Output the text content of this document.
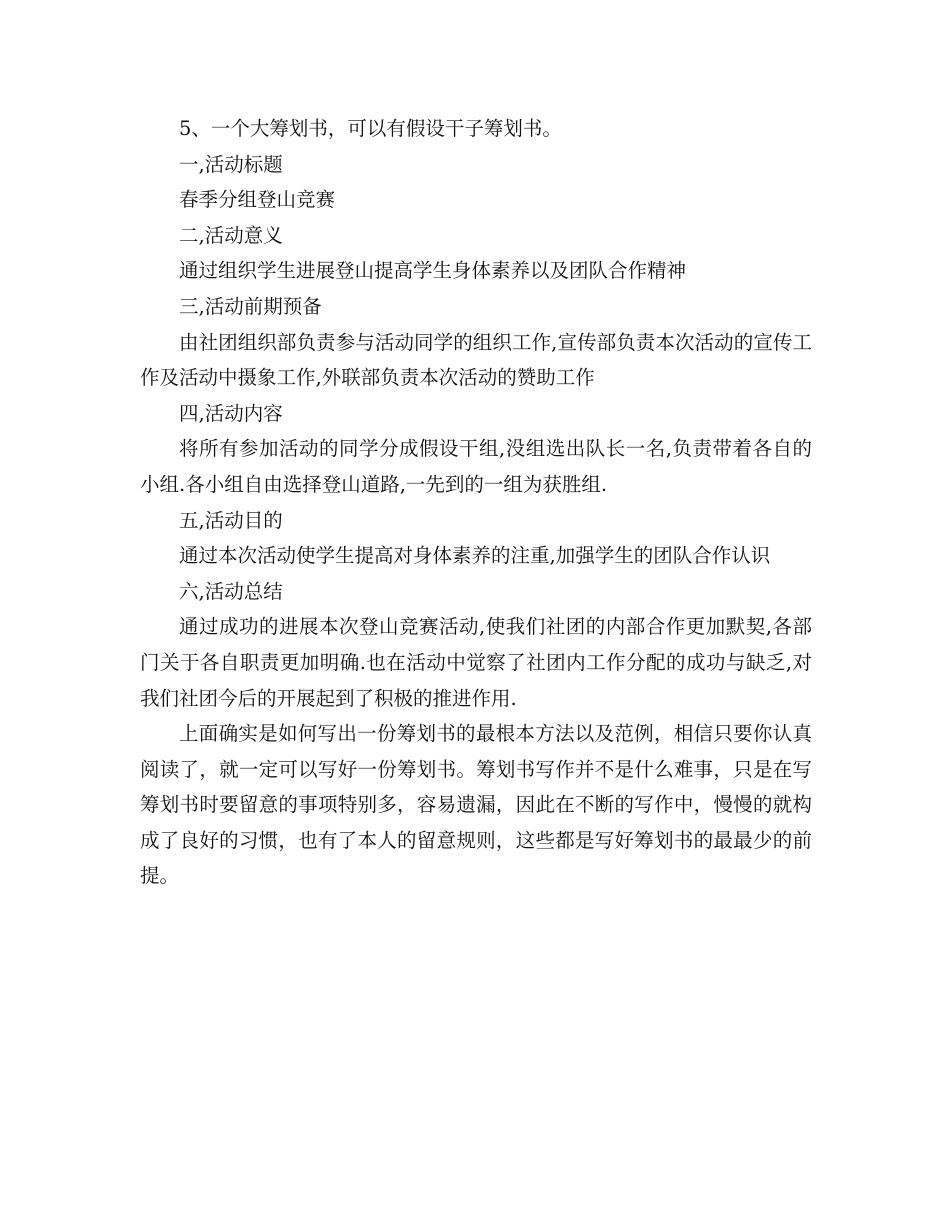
5、一个大筹划书，可以有假设干子筹划书。

一,活动标题

春季分组登山竞赛

二,活动意义

通过组织学生进展登山提高学生身体素养以及团队合作精神

三,活动前期预备

由社团组织部负责参与活动同学的组织工作,宣传部负责本次活动的宣传工作及活动中摄象工作,外联部负责本次活动的赞助工作

四,活动内容

将所有参加活动的同学分成假设干组,没组选出队长一名,负责带着各自的小组.各小组自由选择登山道路,一先到的一组为获胜组.

五,活动目的

通过本次活动使学生提高对身体素养的注重,加强学生的团队合作认识

六,活动总结

通过成功的进展本次登山竞赛活动,使我们社团的内部合作更加默契,各部门关于各自职责更加明确.也在活动中觉察了社团内工作分配的成功与缺乏,对我们社团今后的开展起到了积极的推进作用.

上面确实是如何写出一份筹划书的最根本方法以及范例，相信只要你认真阅读了，就一定可以写好一份筹划书。筹划书写作并不是什么难事，只是在写筹划书时要留意的事项特别多，容易遗漏，因此在不断的写作中，慢慢的就构成了良好的习惯，也有了本人的留意规则，这些都是写好筹划书的最最少的前提。
